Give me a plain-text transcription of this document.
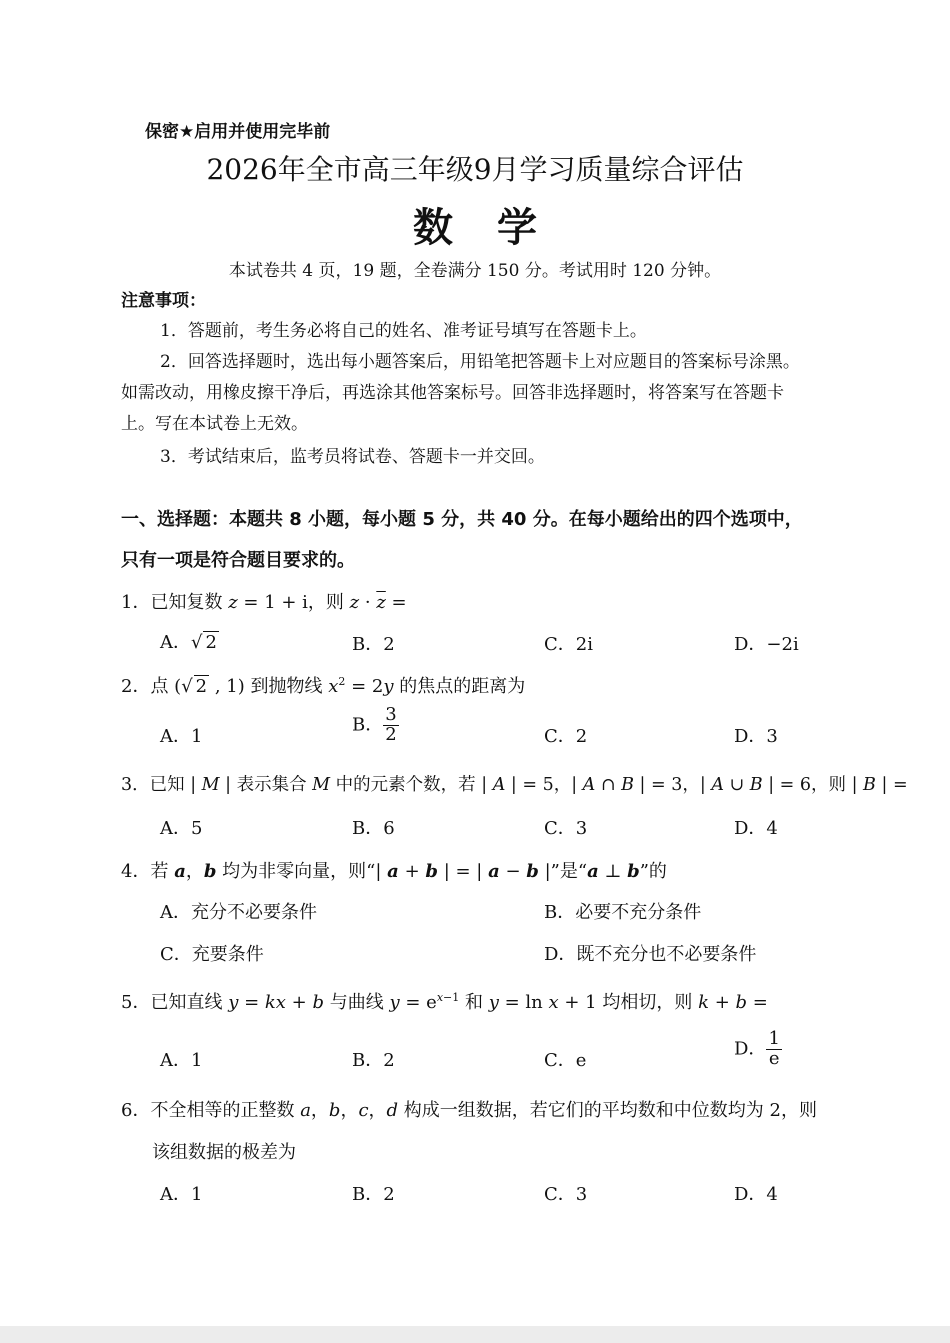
保密★启用并使用完毕前
2026年全市高三年级9月学习质量综合评估
数学
本试卷共 4 页，19 题，全卷满分 150 分。考试用时 120 分钟。
注意事项：
1．答题前，考生务必将自己的姓名、准考证号填写在答题卡上。
2．回答选择题时，选出每小题答案后，用铅笔把答题卡上对应题目的答案标号涂黑。
如需改动，用橡皮擦干净后，再选涂其他答案标号。回答非选择题时，将答案写在答题卡
上。写在本试卷上无效。
3．考试结束后，监考员将试卷、答题卡一并交回。
一、选择题：本题共 8 小题，每小题 5 分，共 40 分。在每小题给出的四个选项中，
只有一项是符合题目要求的。
1．已知复数 z = 1 + i，则 $z \cdot \overline{z}$ =
A．√ 2	B．2	C．2i	D．−2i
2．点 (√ 2 , 1) 到抛物线 $x^2 = 2y$ 的焦点的距离为
A．1
B． $\frac{3}{2}$	C．2	D．3
3．已知 | M | 表示集合 M 中的元素个数，若 | A | = 5，| A ∩ B | = 3，| A ∪ B | = 6，则 | B | =
A．5	B．6	C．3	D．4
4．若 a，b 均为非零向量，则“| a + b | = | a − b |”是“a ⊥ b”的
A．充分不必要条件	B．必要不充分条件
C．充要条件	D．既不充分也不必要条件
5．已知直线 y = kx + b 与曲线 $y = e^{x-1}$ 和 y = ln x + 1 均相切，则 k + b =
A．1	B．2	C．e
D． $\frac{1}{e}$
6．不全相等的正整数 a，b，c，d 构成一组数据，若它们的平均数和中位数均为 2，则
该组数据的极差为
A．1	B．2	C．3	D．4
